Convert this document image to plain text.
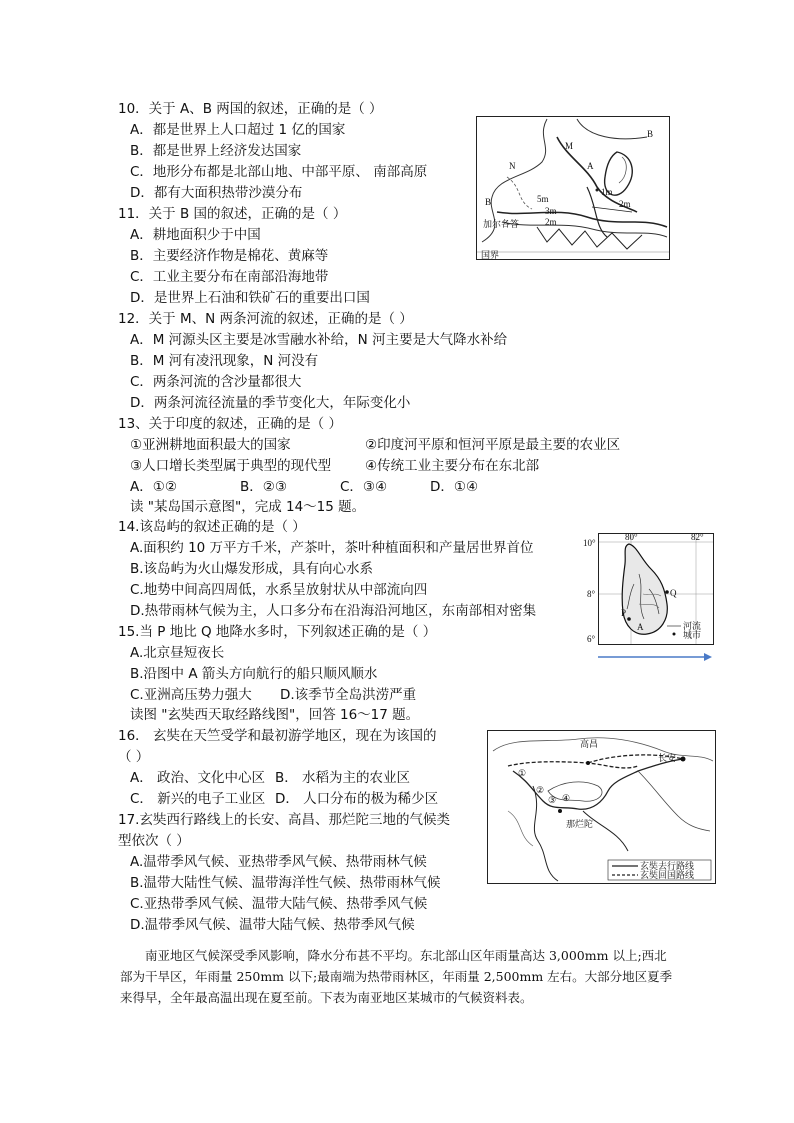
10．关于 A、B 两国的叙述，正确的是（ ）
A．都是世界上人口超过 1 亿的国家
B．都是世界上经济发达国家
C．地形分布都是北部山地、中部平原、 南部高原
D．都有大面积热带沙漠分布
11．关于 B 国的叙述，正确的是（ ）
A．耕地面积少于中国
B．主要经济作物是棉花、黄麻等
C．工业主要分布在南部沿海地带
D．是世界上石油和铁矿石的重要出口国
12．关于 M、N 两条河流的叙述，正确的是（ ）
A．M 河源头区主要是冰雪融水补给，N 河主要是大气降水补给
B．M 河有凌汛现象，N 河没有
C．两条河流的含沙量都很大
D．两条河流径流量的季节变化大，年际变化小
13、关于印度的叙述，正确的是（ ）
①亚洲耕地面积最大的国家	②印度河平原和恒河平原是最主要的农业区
③人口增长类型属于典型的现代型	④传统工业主要分布在东北部
A．①②	B．②③	C．③④	D．①④
读 "某岛国示意图"，完成 14～15 题。
14.该岛屿的叙述正确的是（ ）
A.面积约 10 万平方千米，产茶叶，茶叶种植面积和产量居世界首位
B.该岛屿为火山爆发形成，具有向心水系
C.地势中间高四周低，水系呈放射状从中部流向四
D.热带雨林气候为主，人口多分布在沿海沿河地区，东南部相对密集
15.当 P 地比 Q 地降水多时，下列叙述正确的是（ ）
A.北京昼短夜长
B.沿图中 A 箭头方向航行的船只顺风顺水
C.亚洲高压势力强大 D.该季节全岛洪涝严重
读图 "玄奘西天取经路线图"，回答 16～17 题。
16． 玄奘在天竺受学和最初游学地区，现在为该国的
（ ）
A． 政治、文化中心区 B． 水稻为主的农业区
C． 新兴的电子工业区 D． 人口分布的极为稀少区
17.玄奘西行路线上的长安、高昌、那烂陀三地的气候类
型依次（ ）
A.温带季风气候、亚热带季风气候、热带雨林气候
B.温带大陆性气候、温带海洋性气候、热带雨林气候
C.亚热带季风气候、温带大陆气候、热带季风气候
D.温带季风气候、温带大陆气候、热带季风气候
南亚地区气候深受季风影响，降水分布甚不平均。东北部山区年雨量高达 3,000mm 以上;西北部为干旱区，年雨量 250mm 以下;最南端为热带雨林区，年雨量 2,500mm 左右。大部分地区夏季来得早，全年最高温出现在夏至前。下表为南亚地区某城市的气候资料表。
B
M
A
N
B	5m
3m
2m
1m
2m
加尔各答
国界
80°	82°
10°
8°
6°
A
P
Q
河流
城市
高昌
长安
那烂陀
①
②
③ ④
玄奘去行路线
玄奘回国路线
